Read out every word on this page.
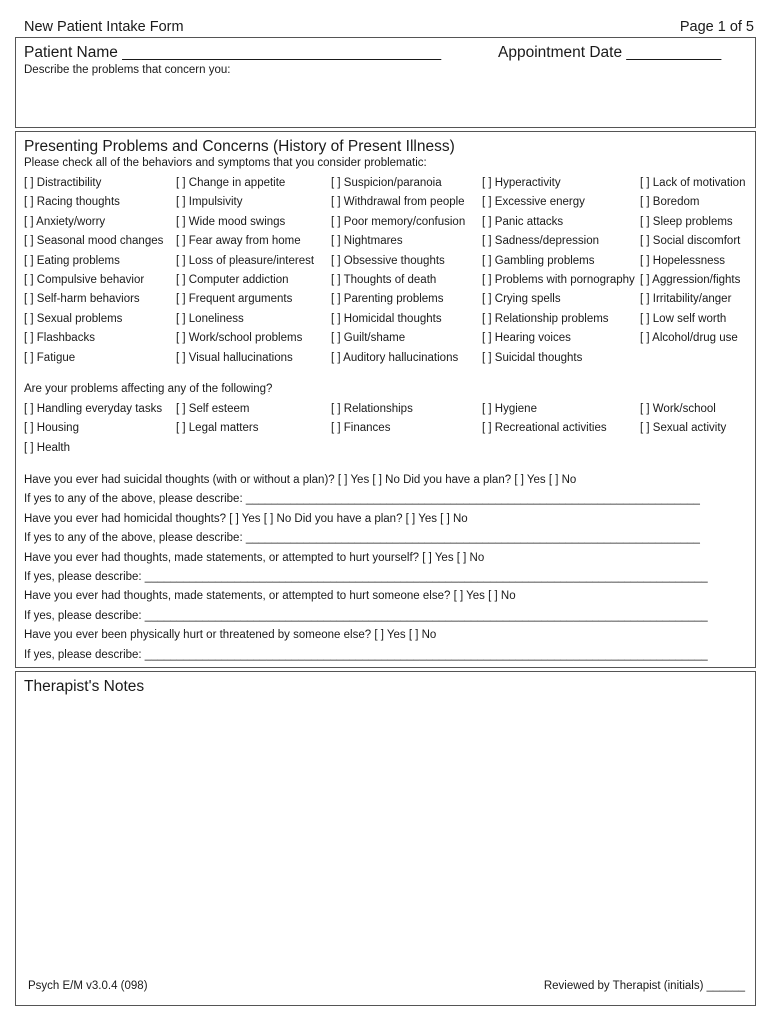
New Patient Intake Form	Page 1 of 5
Patient Name _____________________________________	Appointment Date ___________
Describe the problems that concern you:
Presenting Problems and Concerns (History of Present Illness)
Please check all of the behaviors and symptoms that you consider problematic:
[ ] Distractibility	[ ] Change in appetite	[ ] Suspicion/paranoia	[ ] Hyperactivity	[ ] Lack of motivation
[ ] Racing thoughts	[ ] Impulsivity	[ ] Withdrawal from people [ ] Excessive energy	[ ] Boredom
[ ] Anxiety/worry	[ ] Wide mood swings	[ ] Poor memory/confusion [ ] Panic attacks	[ ] Sleep problems
[ ] Seasonal mood changes [ ] Fear away from home	[ ] Nightmares	[ ] Sadness/depression	[ ] Social discomfort
[ ] Eating problems	[ ] Loss of pleasure/interest [ ] Obsessive thoughts	[ ] Gambling problems	[ ] Hopelessness
[ ] Compulsive behavior	[ ] Computer addiction	[ ] Thoughts of death	[ ] Problems with pornography [ ] Aggression/fights
[ ] Self-harm behaviors	[ ] Frequent arguments	[ ] Parenting problems	[ ] Crying spells	[ ] Irritability/anger
[ ] Sexual problems	[ ] Loneliness	[ ] Homicidal thoughts	[ ] Relationship problems	[ ] Low self worth
[ ] Flashbacks	[ ] Work/school problems [ ] Guilt/shame	[ ] Hearing voices	[ ] Alcohol/drug use
[ ] Fatigue	[ ] Visual hallucinations	[ ] Auditory hallucinations [ ] Suicidal thoughts
Are your problems affecting any of the following?
[ ] Handling everyday tasks [ ] Self esteem	[ ] Relationships	[ ] Hygiene	[ ] Work/school
[ ] Housing	[ ] Legal matters	[ ] Finances	[ ] Recreational activities	[ ] Sexual activity
[ ] Health
Have you ever had suicidal thoughts (with or without a plan)? [ ] Yes [ ] No Did you have a plan? [ ] Yes [ ] No
If yes to any of the above, please describe: _______________________________________________________________________
Have you ever had homicidal thoughts? [ ] Yes [ ] No Did you have a plan? [ ] Yes [ ] No
If yes to any of the above, please describe: _______________________________________________________________________
Have you ever had thoughts, made statements, or attempted to hurt yourself? [ ] Yes [ ] No
If yes, please describe: ________________________________________________________________________________________
Have you ever had thoughts, made statements, or attempted to hurt someone else? [ ] Yes [ ] No
If yes, please describe: ________________________________________________________________________________________
Have you ever been physically hurt or threatened by someone else? [ ] Yes [ ] No
If yes, please describe: ________________________________________________________________________________________
Therapist's Notes
Psych E/M v3.0.4 (098)	Reviewed by Therapist (initials) ______
